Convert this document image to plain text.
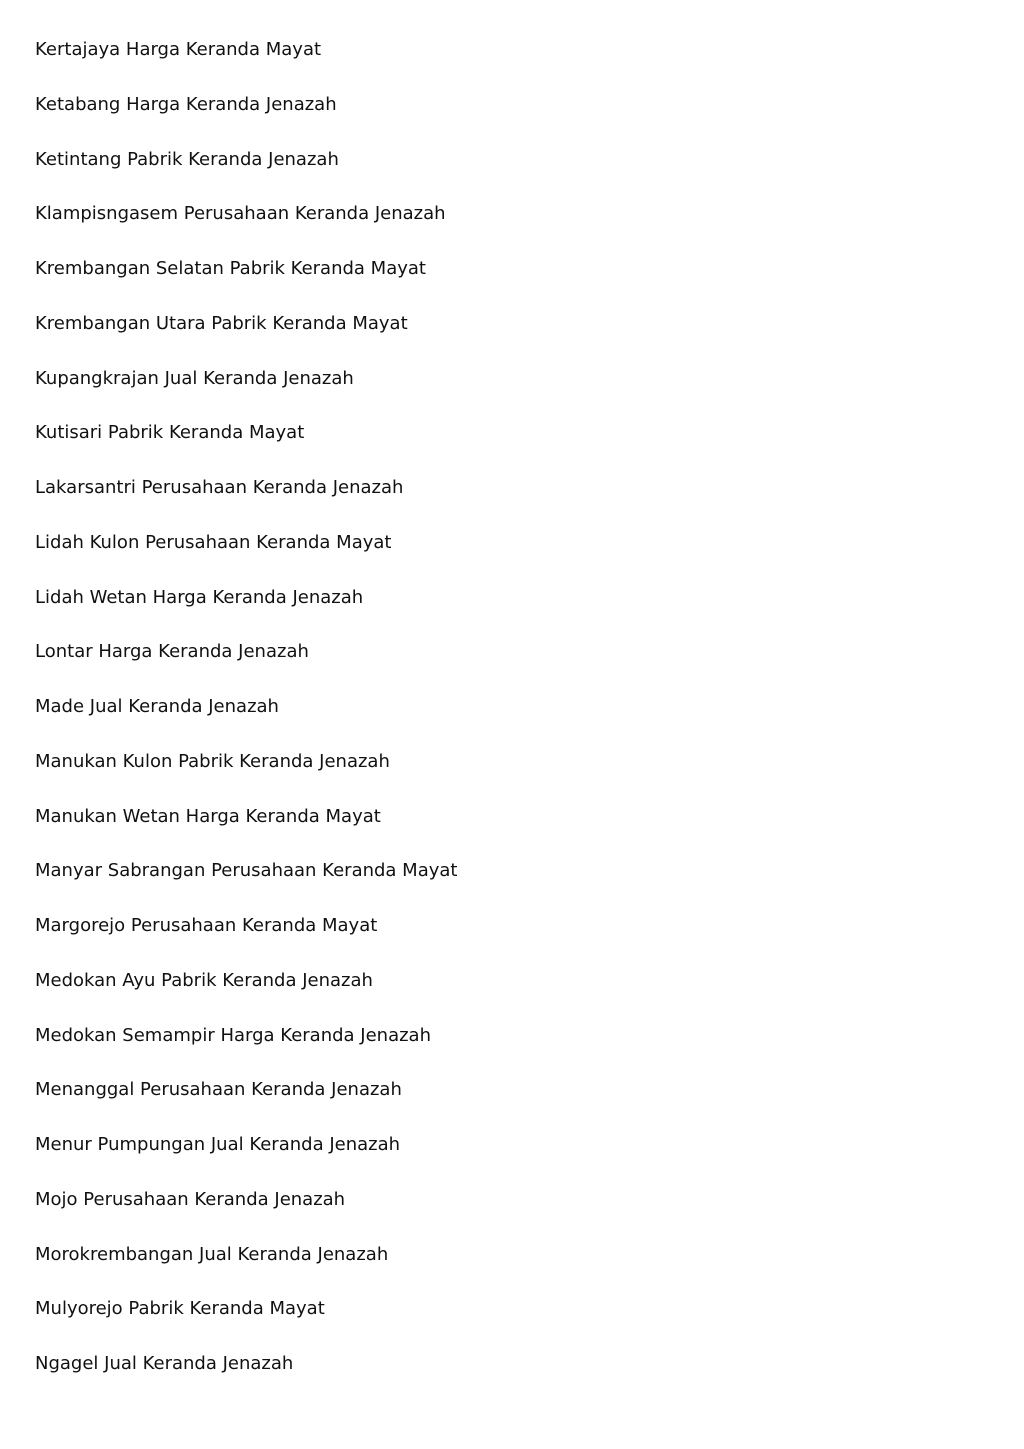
Kertajaya Harga Keranda Mayat
Ketabang Harga Keranda Jenazah
Ketintang Pabrik Keranda Jenazah
Klampisngasem Perusahaan Keranda Jenazah
Krembangan Selatan Pabrik Keranda Mayat
Krembangan Utara Pabrik Keranda Mayat
Kupangkrajan Jual Keranda Jenazah
Kutisari Pabrik Keranda Mayat
Lakarsantri Perusahaan Keranda Jenazah
Lidah Kulon Perusahaan Keranda Mayat
Lidah Wetan Harga Keranda Jenazah
Lontar Harga Keranda Jenazah
Made Jual Keranda Jenazah
Manukan Kulon Pabrik Keranda Jenazah
Manukan Wetan Harga Keranda Mayat
Manyar Sabrangan Perusahaan Keranda Mayat
Margorejo Perusahaan Keranda Mayat
Medokan Ayu Pabrik Keranda Jenazah
Medokan Semampir Harga Keranda Jenazah
Menanggal Perusahaan Keranda Jenazah
Menur Pumpungan Jual Keranda Jenazah
Mojo Perusahaan Keranda Jenazah
Morokrembangan Jual Keranda Jenazah
Mulyorejo Pabrik Keranda Mayat
Ngagel Jual Keranda Jenazah
